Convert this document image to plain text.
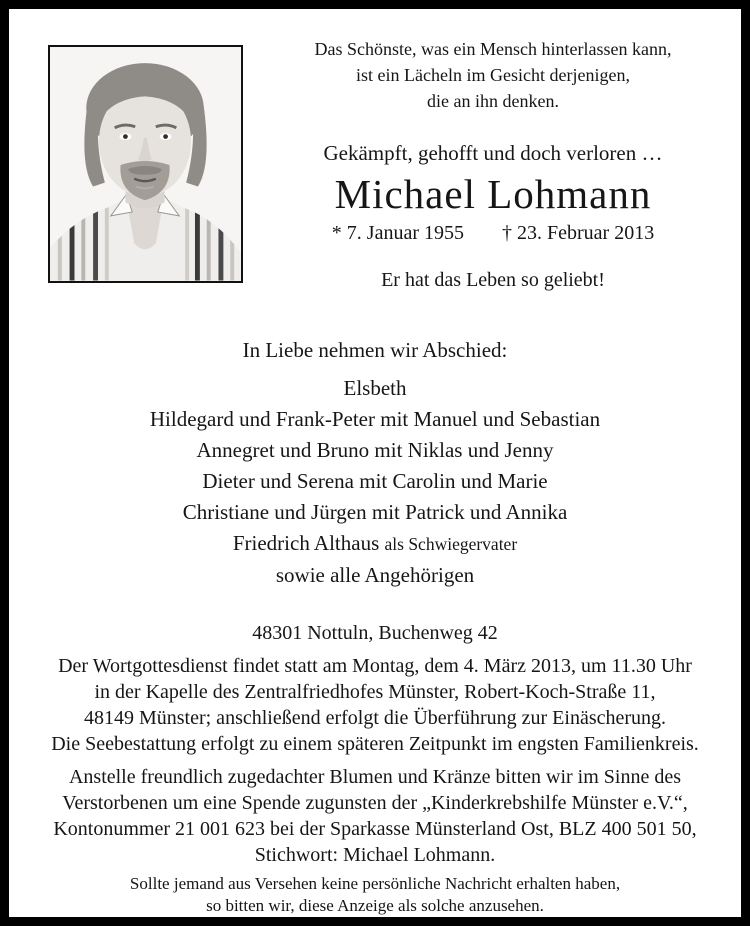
Das Schönste, was ein Mensch hinterlassen kann,
ist ein Lächeln im Gesicht derjenigen,
die an ihn denken.
Gekämpft, gehofft und doch verloren …
Michael Lohmann
* 7. Januar 1955 † 23. Februar 2013
Er hat das Leben so geliebt!
In Liebe nehmen wir Abschied:
Elsbeth
Hildegard und Frank-Peter mit Manuel und Sebastian
Annegret und Bruno mit Niklas und Jenny
Dieter und Serena mit Carolin und Marie
Christiane und Jürgen mit Patrick und Annika
Friedrich Althaus als Schwiegervater
sowie alle Angehörigen
48301 Nottuln, Buchenweg 42
Der Wortgottesdienst findet statt am Montag, dem 4. März 2013, um 11.30 Uhr
in der Kapelle des Zentralfriedhofes Münster, Robert-Koch-Straße 11,
48149 Münster; anschließend erfolgt die Überführung zur Einäscherung.
Die Seebestattung erfolgt zu einem späteren Zeitpunkt im engsten Familienkreis.
Anstelle freundlich zugedachter Blumen und Kränze bitten wir im Sinne des
Verstorbenen um eine Spende zugunsten der „Kinderkrebshilfe Münster e.V.“,
Kontonummer 21 001 623 bei der Sparkasse Münsterland Ost, BLZ 400 501 50,
Stichwort: Michael Lohmann.
Sollte jemand aus Versehen keine persönliche Nachricht erhalten haben,
so bitten wir, diese Anzeige als solche anzusehen.
